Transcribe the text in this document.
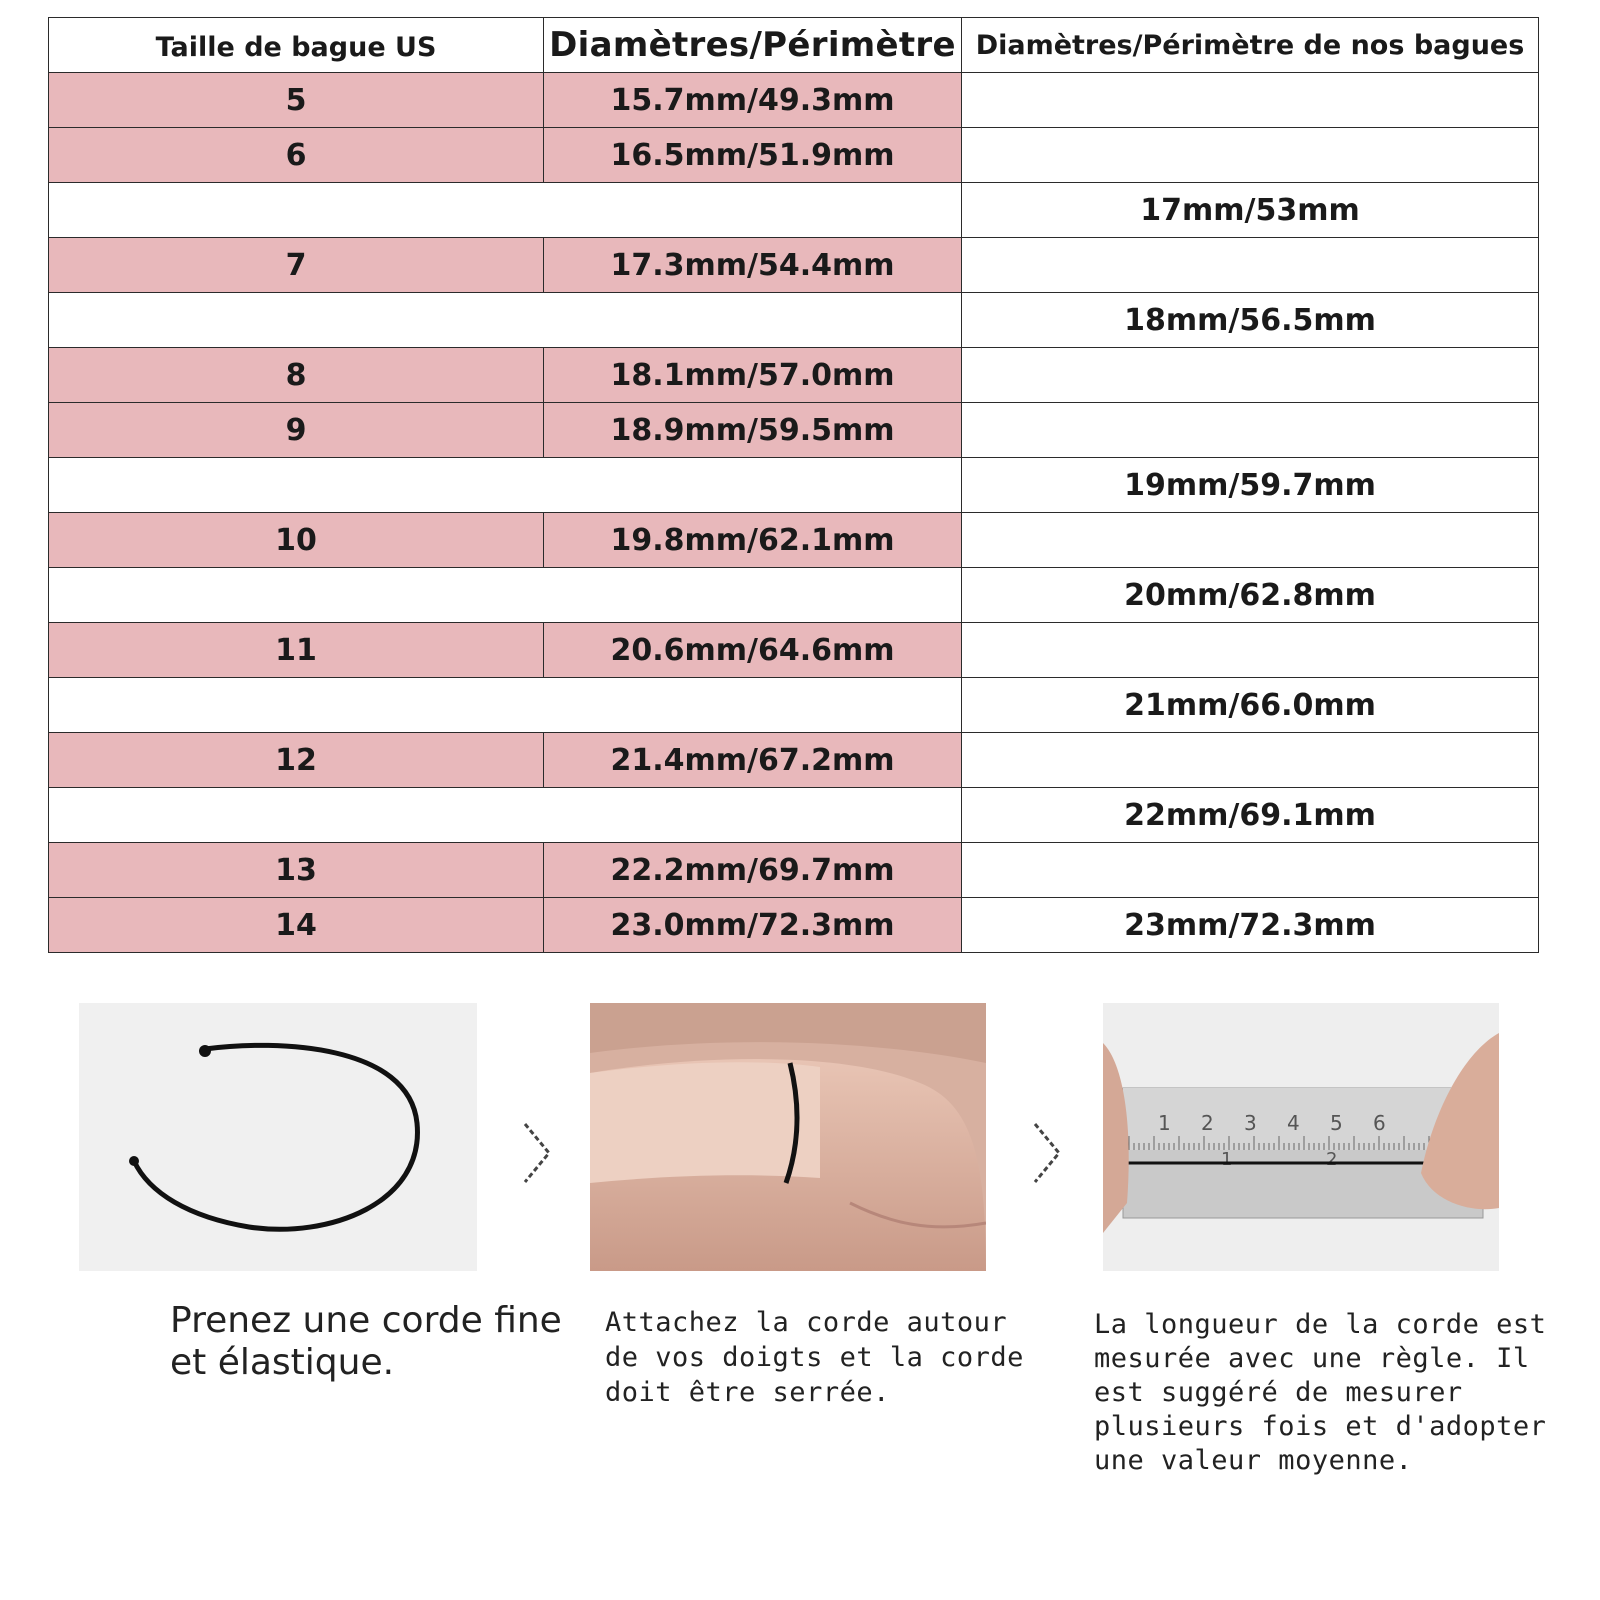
Taille de bague US	Diamètres/Périmètre	Diamètres/Périmètre de nos bagues
5	15.7mm/49.3mm	
6	16.5mm/51.9mm	
		17mm/53mm
7	17.3mm/54.4mm	
		18mm/56.5mm
8	18.1mm/57.0mm	
9	18.9mm/59.5mm	
		19mm/59.7mm
10	19.8mm/62.1mm	
		20mm/62.8mm
11	20.6mm/64.6mm	
		21mm/66.0mm
12	21.4mm/67.2mm	
		22mm/69.1mm
13	22.2mm/69.7mm	
14	23.0mm/72.3mm	23mm/72.3mm
1 2 3 4 5 6
1	2

Prenez une corde fine
et élastique.

Attachez la corde autour
de vos doigts et la corde
doit être serrée.

La longueur de la corde est
mesurée avec une règle. Il
est suggéré de mesurer
plusieurs fois et d'adopter
une valeur moyenne.
